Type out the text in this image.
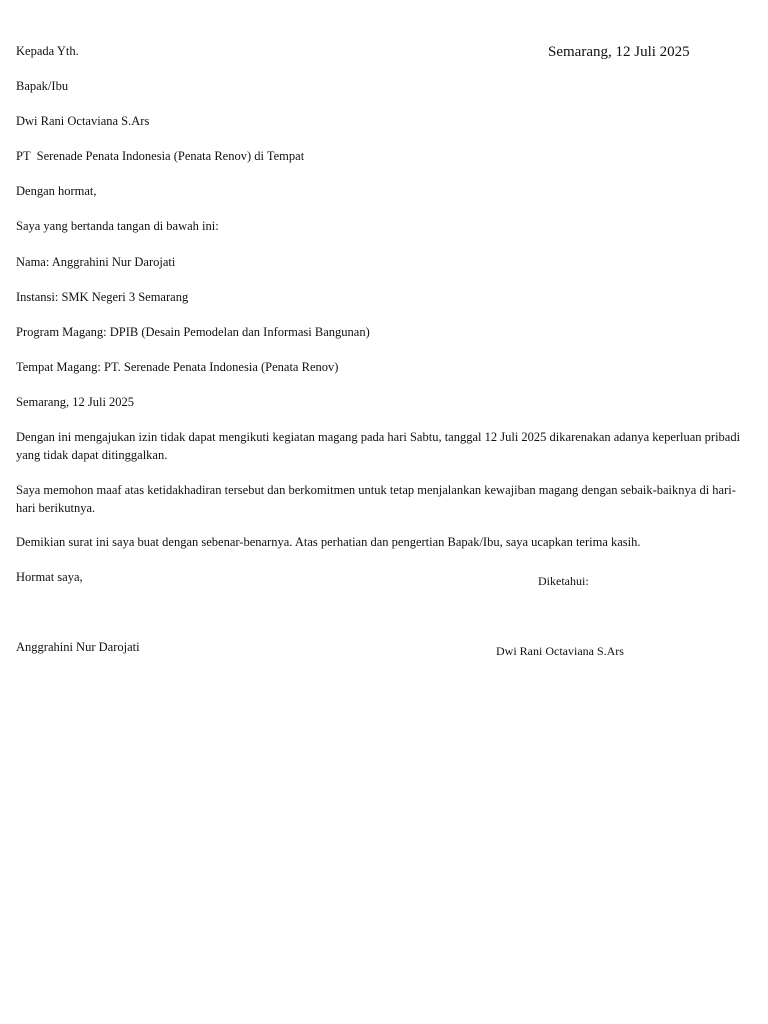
Semarang, 12 Juli 2025
Kepada Yth.
Bapak/Ibu
Dwi Rani Octaviana S.Ars
PT  Serenade Penata Indonesia (Penata Renov) di Tempat
Dengan hormat,
Saya yang bertanda tangan di bawah ini:
Nama: Anggrahini Nur Darojati
Instansi: SMK Negeri 3 Semarang
Program Magang: DPIB (Desain Pemodelan dan Informasi Bangunan)
Tempat Magang: PT. Serenade Penata Indonesia (Penata Renov)
Semarang, 12 Juli 2025
Dengan ini mengajukan izin tidak dapat mengikuti kegiatan magang pada hari Sabtu, tanggal 12 Juli 2025 dikarenakan adanya keperluan pribadi yang tidak dapat ditinggalkan.
Saya memohon maaf atas ketidakhadiran tersebut dan berkomitmen untuk tetap menjalankan kewajiban magang dengan sebaik-baiknya di hari-hari berikutnya.
Demikian surat ini saya buat dengan sebenar-benarnya. Atas perhatian dan pengertian Bapak/Ibu, saya ucapkan terima kasih.
Hormat saya,	Diketahui:
Anggrahini Nur Darojati	Dwi Rani Octaviana S.Ars
